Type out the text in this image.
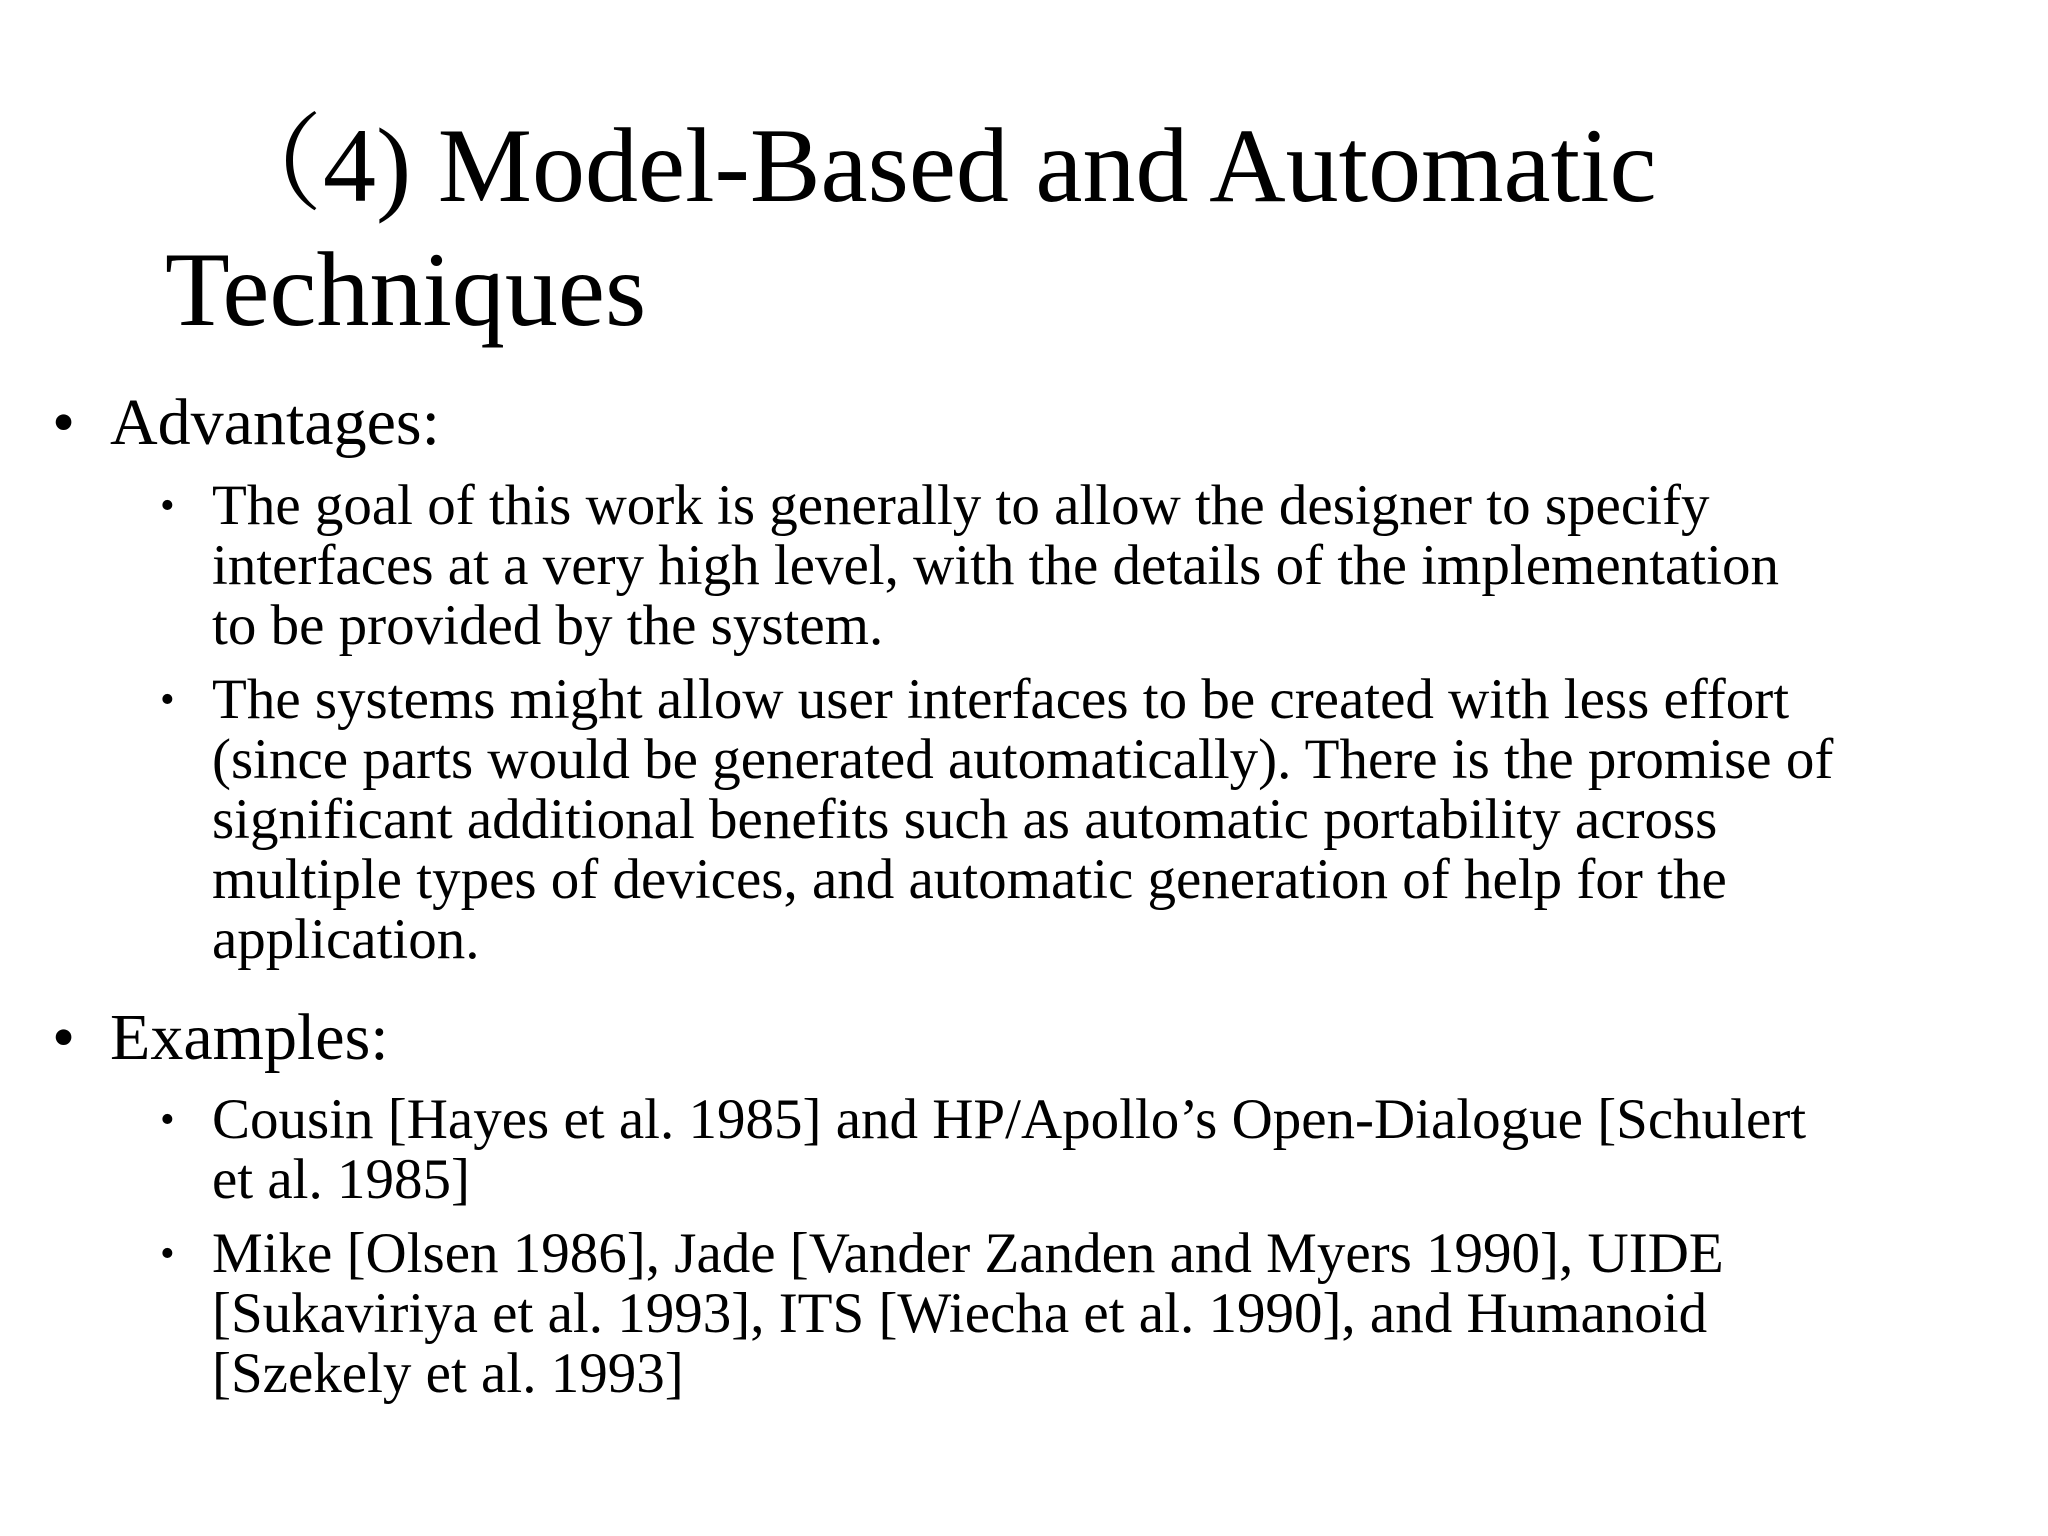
（4) Model-Based and Automatic Techniques
• Advantages:
• The goal of this work is generally to allow the designer to specify
interfaces at a very high level, with the details of the implementation
to be provided by the system.
• The systems might allow user interfaces to be created with less effort
(since parts would be generated automatically). There is the promise of
significant additional benefits such as automatic portability across
multiple types of devices, and automatic generation of help for the
application.
• Examples:
• Cousin [Hayes et al. 1985] and HP/Apollo’s Open-Dialogue [Schulert
et al. 1985]
• Mike [Olsen 1986], Jade [Vander Zanden and Myers 1990], UIDE
[Sukaviriya et al. 1993], ITS [Wiecha et al. 1990], and Humanoid
[Szekely et al. 1993]
